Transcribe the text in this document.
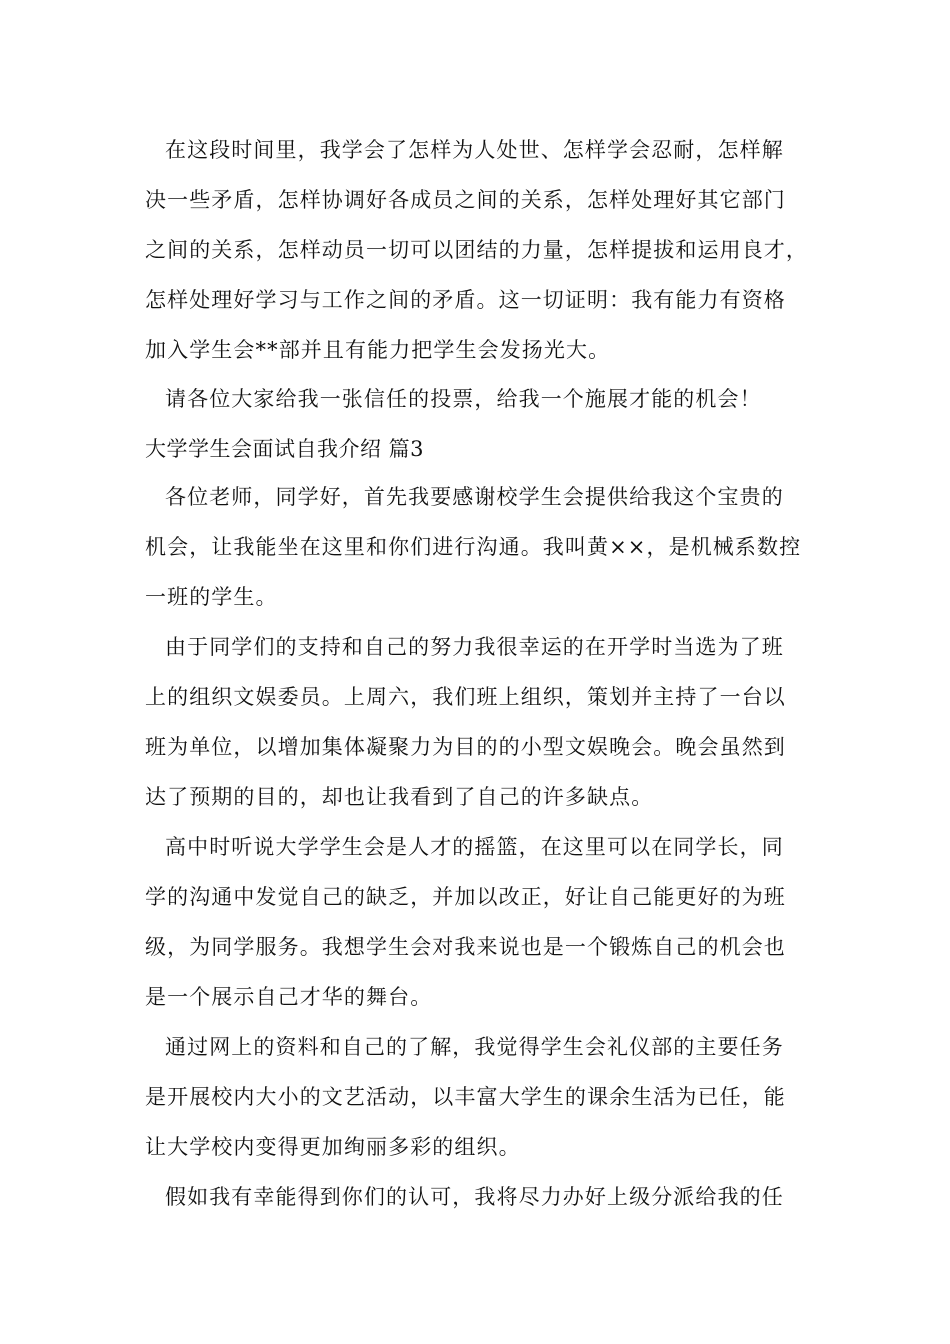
在这段时间里，我学会了怎样为人处世、怎样学会忍耐，怎样解
决一些矛盾，怎样协调好各成员之间的关系，怎样处理好其它部门
之间的关系，怎样动员一切可以团结的力量，怎样提拔和运用良才，
怎样处理好学习与工作之间的矛盾。这一切证明：我有能力有资格
加入学生会**部并且有能力把学生会发扬光大。
请各位大家给我一张信任的投票，给我一个施展才能的机会！
大学学生会面试自我介绍 篇3
各位老师，同学好，首先我要感谢校学生会提供给我这个宝贵的
机会，让我能坐在这里和你们进行沟通。我叫黄××，是机械系数控
一班的学生。
由于同学们的支持和自己的努力我很幸运的在开学时当选为了班
上的组织文娱委员。上周六，我们班上组织，策划并主持了一台以
班为单位，以增加集体凝聚力为目的的小型文娱晚会。晚会虽然到
达了预期的目的，却也让我看到了自己的许多缺点。
高中时听说大学学生会是人才的摇篮，在这里可以在同学长，同
学的沟通中发觉自己的缺乏，并加以改正，好让自己能更好的为班
级，为同学服务。我想学生会对我来说也是一个锻炼自己的机会也
是一个展示自己才华的舞台。
通过网上的资料和自己的了解，我觉得学生会礼仪部的主要任务
是开展校内大小的文艺活动，以丰富大学生的课余生活为已任，能
让大学校内变得更加绚丽多彩的组织。
假如我有幸能得到你们的认可，我将尽力办好上级分派给我的任
